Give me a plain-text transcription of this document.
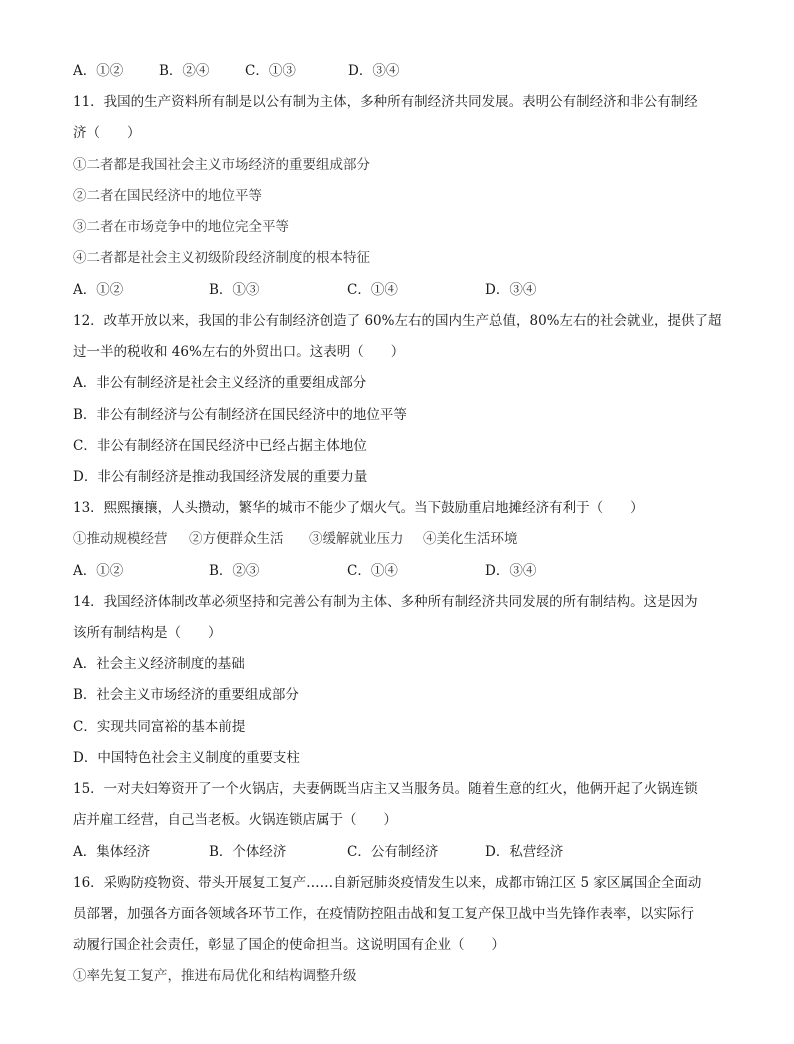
A．①②	B．②④	C．①③	D．③④
11．我国的生产资料所有制是以公有制为主体，多种所有制经济共同发展。表明公有制经济和非公有制经
济（　　）
①二者都是我国社会主义市场经济的重要组成部分
②二者在国民经济中的地位平等
③二者在市场竞争中的地位完全平等
④二者都是社会主义初级阶段经济制度的根本特征
A．①②	B．①③	C．①④	D．③④
12．改革开放以来，我国的非公有制经济创造了 60%左右的国内生产总值，80%左右的社会就业，提供了超
过一半的税收和 46%左右的外贸出口。这表明（　　）
A．非公有制经济是社会主义经济的重要组成部分
B．非公有制经济与公有制经济在国民经济中的地位平等
C．非公有制经济在国民经济中已经占据主体地位
D．非公有制经济是推动我国经济发展的重要力量
13．熙熙攘攘，人头攒动，繁华的城市不能少了烟火气。当下鼓励重启地摊经济有利于（　　）
①推动规模经营 ②方便群众生活 ③缓解就业压力 ④美化生活环境
A．①②	B．②③	C．①④	D．③④
14．我国经济体制改革必须坚持和完善公有制为主体、多种所有制经济共同发展的所有制结构。这是因为
该所有制结构是（　　）
A．社会主义经济制度的基础
B．社会主义市场经济的重要组成部分
C．实现共同富裕的基本前提
D．中国特色社会主义制度的重要支柱
15．一对夫妇筹资开了一个火锅店，夫妻俩既当店主又当服务员。随着生意的红火，他俩开起了火锅连锁
店并雇工经营，自己当老板。火锅连锁店属于（　　）
A．集体经济	B．个体经济	C．公有制经济	D．私营经济
16．采购防疫物资、带头开展复工复产……自新冠肺炎疫情发生以来，成都市锦江区 5 家区属国企全面动
员部署，加强各方面各领域各环节工作，在疫情防控阻击战和复工复产保卫战中当先锋作表率，以实际行
动履行国企社会责任，彰显了国企的使命担当。这说明国有企业（　　）
①率先复工复产，推进布局优化和结构调整升级
